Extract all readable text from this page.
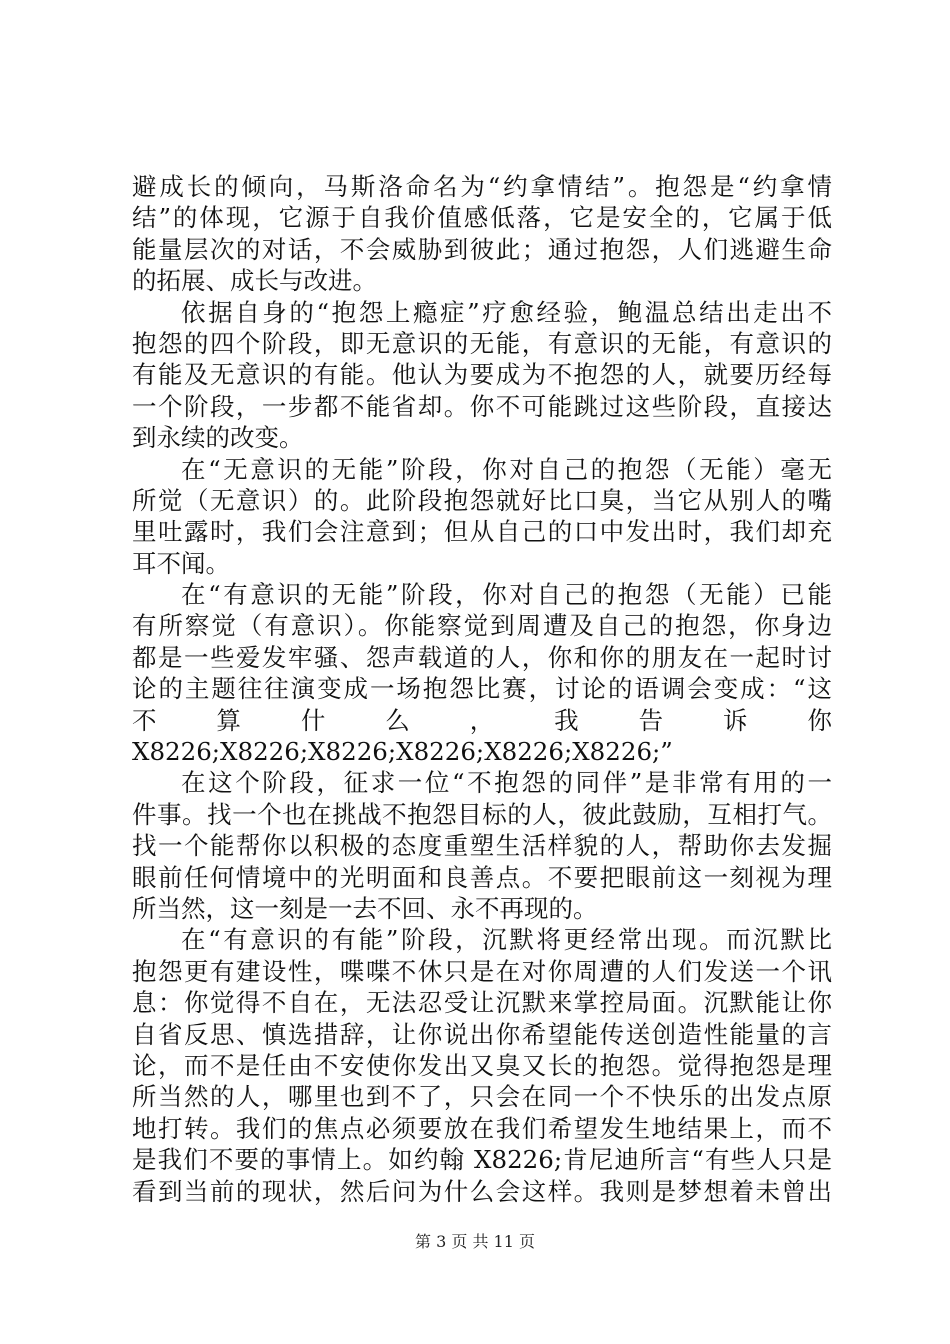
避成长的倾向，马斯洛命名为“约拿情结”。抱怨是“约拿情
结”的体现，它源于自我价值感低落，它是安全的，它属于低
能量层次的对话，不会威胁到彼此；通过抱怨，人们逃避生命
的拓展、成长与改进。
依据自身的“抱怨上瘾症”疗愈经验，鲍温总结出走出不
抱怨的四个阶段，即无意识的无能，有意识的无能，有意识的
有能及无意识的有能。他认为要成为不抱怨的人，就要历经每
一个阶段，一步都不能省却。你不可能跳过这些阶段，直接达
到永续的改变。
在“无意识的无能”阶段，你对自己的抱怨（无能）毫无
所觉（无意识）的。此阶段抱怨就好比口臭，当它从别人的嘴
里吐露时，我们会注意到；但从自己的口中发出时，我们却充
耳不闻。
在“有意识的无能”阶段，你对自己的抱怨（无能）已能
有所察觉（有意识）。你能察觉到周遭及自己的抱怨，你身边
都是一些爱发牢骚、怨声载道的人，你和你的朋友在一起时讨
论的主题往往演变成一场抱怨比赛，讨论的语调会变成：“这
不 算 什 么 ， 我 告 诉 你
X8226;X8226;X8226;X8226;X8226;X8226;”
在这个阶段，征求一位“不抱怨的同伴”是非常有用的一
件事。找一个也在挑战不抱怨目标的人，彼此鼓励，互相打气。
找一个能帮你以积极的态度重塑生活样貌的人，帮助你去发掘
眼前任何情境中的光明面和良善点。不要把眼前这一刻视为理
所当然，这一刻是一去不回、永不再现的。
在“有意识的有能”阶段，沉默将更经常出现。而沉默比
抱怨更有建设性，喋喋不休只是在对你周遭的人们发送一个讯
息：你觉得不自在，无法忍受让沉默来掌控局面。沉默能让你
自省反思、慎选措辞，让你说出你希望能传送创造性能量的言
论，而不是任由不安使你发出又臭又长的抱怨。觉得抱怨是理
所当然的人，哪里也到不了，只会在同一个不快乐的出发点原
地打转。我们的焦点必须要放在我们希望发生地结果上，而不
是我们不要的事情上。如约翰 X8226;肯尼迪所言“有些人只是
看到当前的现状，然后问为什么会这样。我则是梦想着未曾出
第 3 页 共 11 页
